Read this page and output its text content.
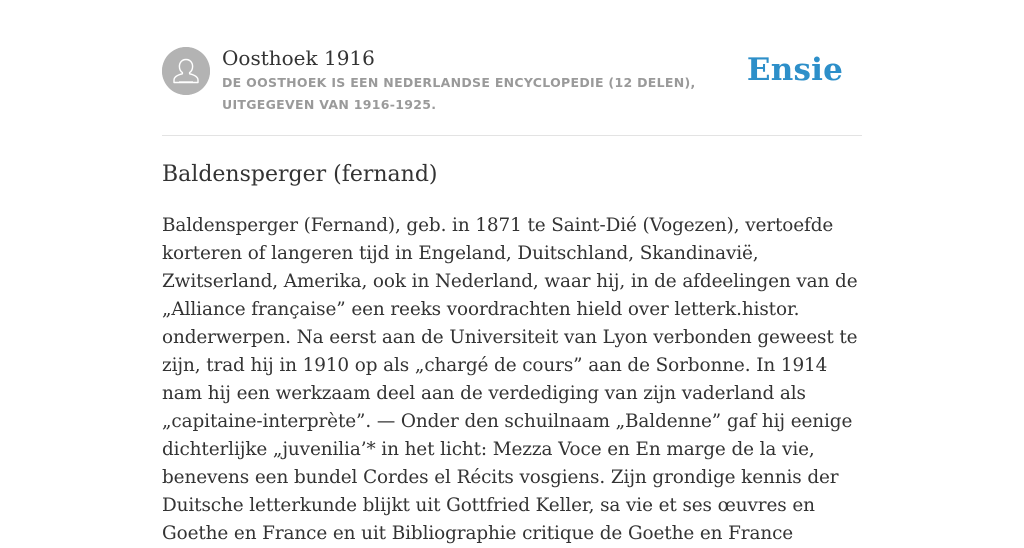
Oosthoek 1916
DE OOSTHOEK IS EEN NEDERLANDSE ENCYCLOPEDIE (12 DELEN), UITGEGEVEN VAN 1916-1925.
Ensie
Baldensperger (fernand)

Baldensperger (Fernand), geb. in 1871 te Saint-Dié (Vogezen), vertoefde korteren of langeren tijd in Engeland, Duitschland, Skandinavië, Zwitserland, Amerika, ook in Nederland, waar hij, in de afdeelingen van de „Alliance française” een reeks voordrachten hield over letterk.histor. onderwerpen. Na eerst aan de Universiteit van Lyon verbonden geweest te zijn, trad hij in 1910 op als „chargé de cours” aan de Sorbonne. In 1914 nam hij een werkzaam deel aan de verdediging van zijn vaderland als „capitaine-interprète”. — Onder den schuilnaam „Baldenne” gaf hij eenige dichterlijke „juvenilia’* in het licht: Mezza Voce en En marge de la vie, benevens een bundel Cordes el Récits vosgiens. Zijn grondige kennis der Duitsche letterkunde blijkt uit Gottfried Keller, sa vie et ses œuvres en Goethe en France en uit Bibliographie critique de Goethe en France
